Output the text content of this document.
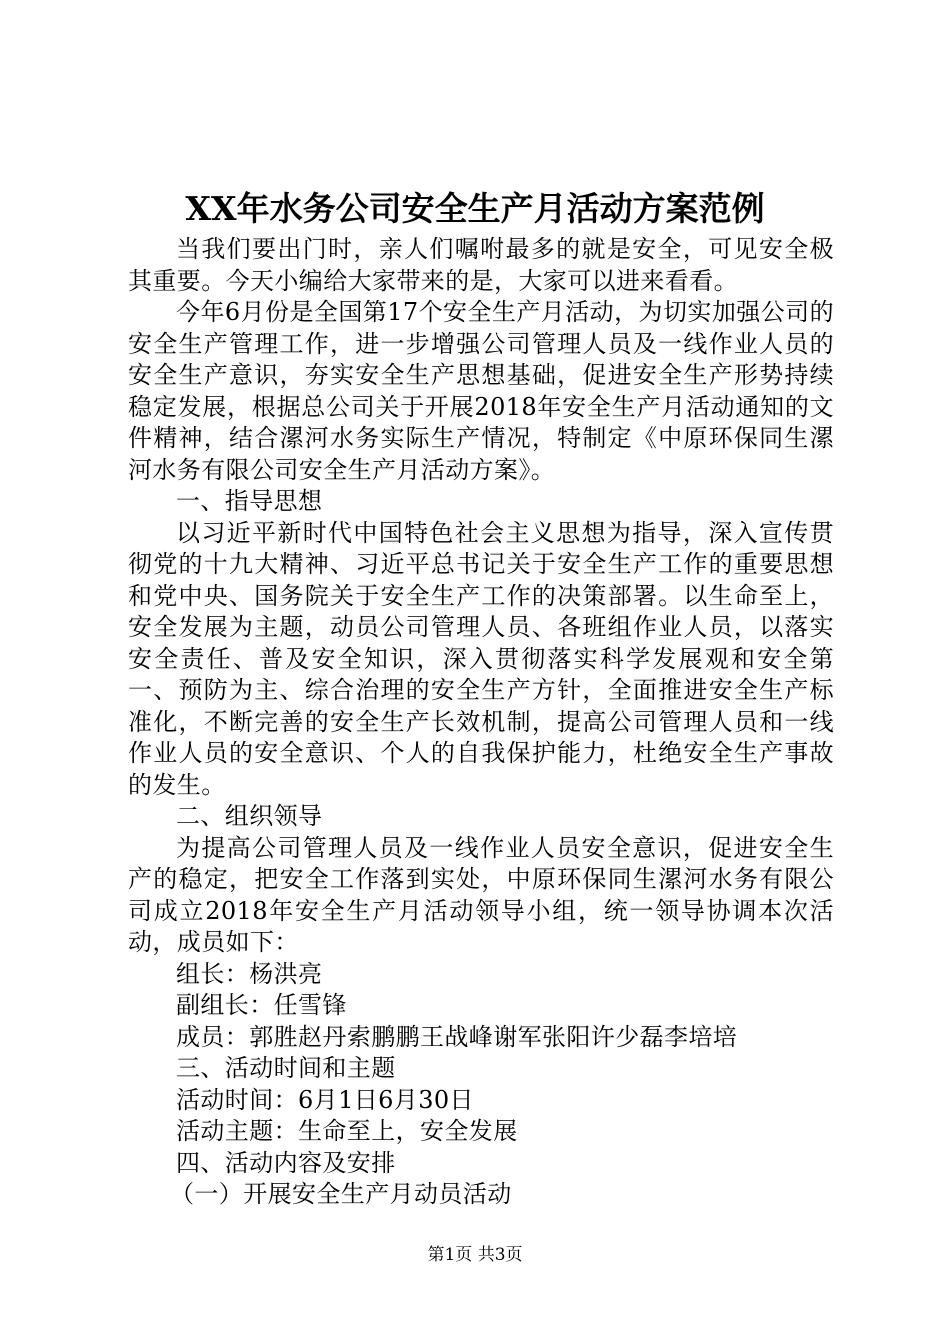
XX年水务公司安全生产月活动方案范例

当我们要出门时，亲人们嘱咐最多的就是安全，可见安全极其重要。今天小编给大家带来的是，大家可以进来看看。

今年6月份是全国第17个安全生产月活动，为切实加强公司的安全生产管理工作，进一步增强公司管理人员及一线作业人员的安全生产意识，夯实安全生产思想基础，促进安全生产形势持续稳定发展，根据总公司关于开展2018年安全生产月活动通知的文件精神，结合漯河水务实际生产情况，特制定《中原环保同生漯河水务有限公司安全生产月活动方案》。

一、指导思想

以习近平新时代中国特色社会主义思想为指导，深入宣传贯彻党的十九大精神、习近平总书记关于安全生产工作的重要思想和党中央、国务院关于安全生产工作的决策部署。以生命至上，安全发展为主题，动员公司管理人员、各班组作业人员，以落实安全责任、普及安全知识，深入贯彻落实科学发展观和安全第一、预防为主、综合治理的安全生产方针，全面推进安全生产标准化，不断完善的安全生产长效机制，提高公司管理人员和一线作业人员的安全意识、个人的自我保护能力，杜绝安全生产事故的发生。

二、组织领导

为提高公司管理人员及一线作业人员安全意识，促进安全生产的稳定，把安全工作落到实处，中原环保同生漯河水务有限公司成立2018年安全生产月活动领导小组，统一领导协调本次活动，成员如下：

组长：杨洪亮

副组长：任雪锋

成员：郭胜赵丹索鹏鹏王战峰谢军张阳许少磊李培培

三、活动时间和主题

活动时间：6月1日6月30日

活动主题：生命至上，安全发展

四、活动内容及安排

（一）开展安全生产月动员活动

第1页 共3页
